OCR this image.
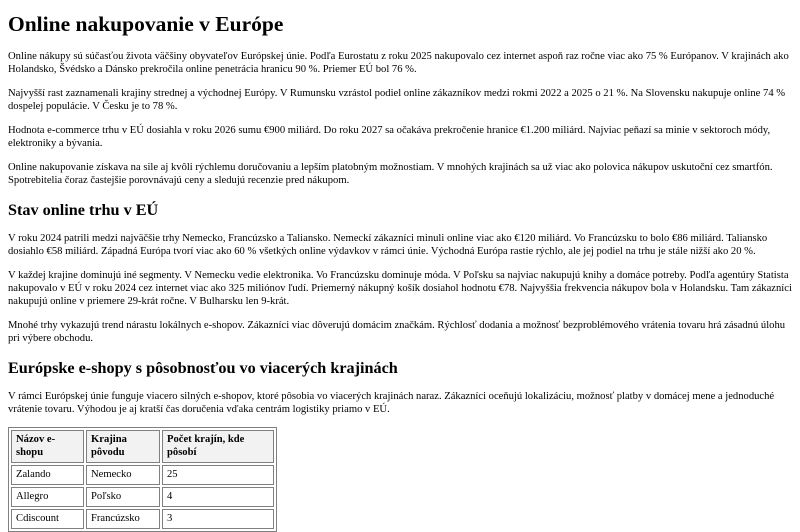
Online nakupovanie v Európe

Online nákupy sú súčasťou života väčšiny obyvateľov Európskej únie. Podľa Eurostatu z roku 2025 nakupovalo cez internet aspoň raz ročne viac ako 75 % Európanov. V krajinách ako Holandsko, Švédsko a Dánsko prekročila online penetrácia hranicu 90 %. Priemer EÚ bol 76 %.

Najvyšší rast zaznamenali krajiny strednej a východnej Európy. V Rumunsku vzrástol podiel online zákazníkov medzi rokmi 2022 a 2025 o 21 %. Na Slovensku nakupuje online 74 % dospelej populácie. V Česku je to 78 %.

Hodnota e-commerce trhu v EÚ dosiahla v roku 2026 sumu €900 miliárd. Do roku 2027 sa očakáva prekročenie hranice €1.200 miliárd. Najviac peňazí sa minie v sektoroch módy, elektroniky a bývania.

Online nakupovanie získava na sile aj kvôli rýchlemu doručovaniu a lepším platobným možnostiam. V mnohých krajinách sa už viac ako polovica nákupov uskutoční cez smartfón. Spotrebitelia čoraz častejšie porovnávajú ceny a sledujú recenzie pred nákupom.

Stav online trhu v EÚ

V roku 2024 patrili medzi najväčšie trhy Nemecko, Francúzsko a Taliansko. Nemeckí zákazníci minuli online viac ako €120 miliárd. Vo Francúzsku to bolo €86 miliárd. Taliansko dosiahlo €58 miliárd. Západná Európa tvorí viac ako 60 % všetkých online výdavkov v rámci únie. Východná Európa rastie rýchlo, ale jej podiel na trhu je stále nižší ako 20 %.

V každej krajine dominujú iné segmenty. V Nemecku vedie elektronika. Vo Francúzsku dominuje móda. V Poľsku sa najviac nakupujú knihy a domáce potreby. Podľa agentúry Statista nakupovalo v EÚ v roku 2024 cez internet viac ako 325 miliónov ľudí. Priemerný nákupný košík dosiahol hodnotu €78. Najvyššia frekvencia nákupov bola v Holandsku. Tam zákazníci nakupujú online v priemere 29-krát ročne. V Bulharsku len 9-krát.

Mnohé trhy vykazujú trend nárastu lokálnych e-shopov. Zákazníci viac dôverujú domácim značkám. Rýchlosť dodania a možnosť bezproblémového vrátenia tovaru hrá zásadnú úlohu pri výbere obchodu.

Európske e-shopy s pôsobnosťou vo viacerých krajinách

V rámci Európskej únie funguje viacero silných e-shopov, ktoré pôsobia vo viacerých krajinách naraz. Zákazníci oceňujú lokalizáciu, možnosť platby v domácej mene a jednoduché vrátenie tovaru. Výhodou je aj kratší čas doručenia vďaka centrám logistiky priamo v EÚ.

Názov e-shopu	Krajina pôvodu	Počet krajín, kde pôsobí
Zalando	Nemecko	25
Allegro	Poľsko	4
Cdiscount	Francúzsko	3
